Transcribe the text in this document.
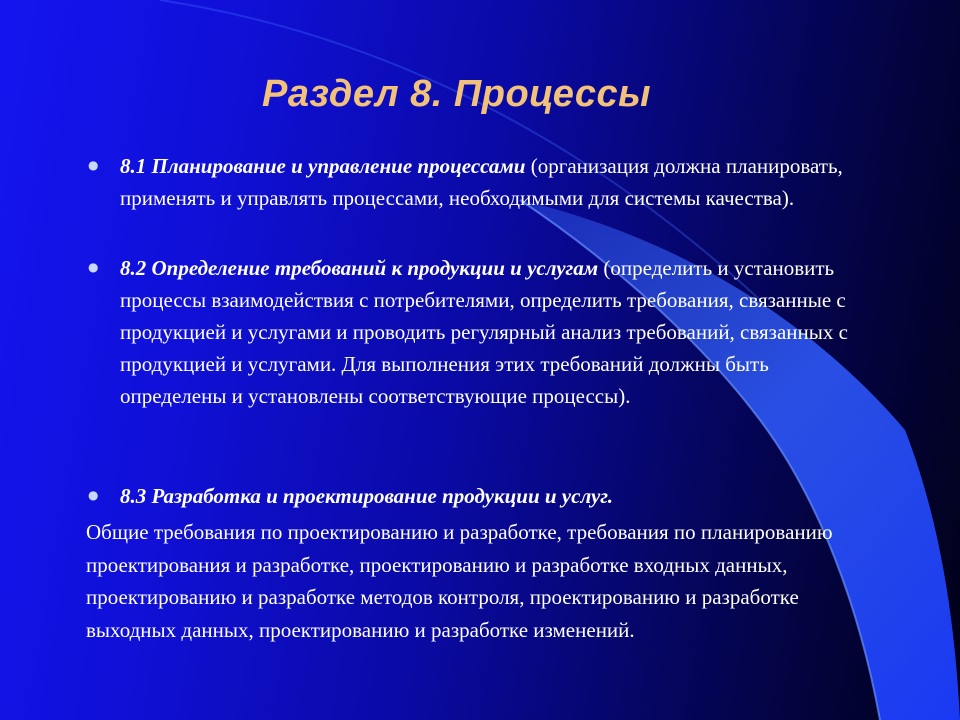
Раздел 8. Процессы
● 8.1 Планирование и управление процессами (организация должна планировать, применять и управлять процессами, необходимыми для системы качества).
● 8.2 Определение требований к продукции и услугам (определить и установить процессы взаимодействия с потребителями, определить требования, связанные с продукцией и услугами и проводить регулярный анализ требований, связанных с продукцией и услугами. Для выполнения этих требований должны быть определены и установлены соответствующие процессы).
● 8.3 Разработка и проектирование продукции и услуг.

Общие требования по проектированию и разработке, требования по планированию проектирования и разработке, проектированию и разработке входных данных, проектированию и разработке методов контроля, проектированию и разработке выходных данных, проектированию и разработке изменений.
